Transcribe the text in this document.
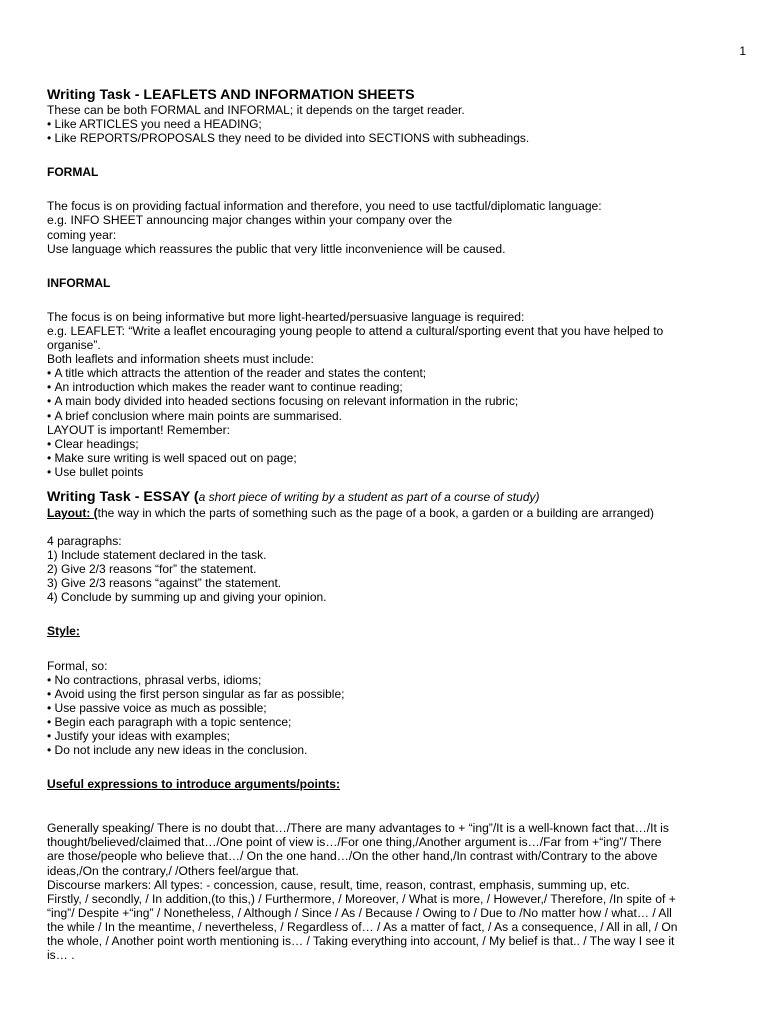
1
Writing Task - LEAFLETS AND INFORMATION SHEETS

These can be both FORMAL and INFORMAL; it depends on the target reader.

• Like ARTICLES you need a HEADING;
• Like REPORTS/PROPOSALS they need to be divided into SECTIONS with subheadings.

FORMAL

The focus is on providing factual information and therefore, you need to use tactful/diplomatic language:

e.g. INFO SHEET announcing major changes within your company over the

coming year:

Use language which reassures the public that very little inconvenience will be caused.

INFORMAL

The focus is on being informative but more light-hearted/persuasive language is required:

e.g. LEAFLET: “Write a leaflet encouraging young people to attend a cultural/sporting event that you have helped to

organise”.

Both leaflets and information sheets must include:

• A title which attracts the attention of the reader and states the content;
• An introduction which makes the reader want to continue reading;
• A main body divided into headed sections focusing on relevant information in the rubric;
• A brief conclusion where main points are summarised.

LAYOUT is important! Remember:

• Clear headings;
• Make sure writing is well spaced out on page;
• Use bullet points
Writing Task - ESSAY (a short piece of writing by a student as part of a course of study)
Layout: (the way in which the parts of something such as the page of a book, a garden or a building are arranged)

4 paragraphs:

1) Include statement declared in the task.
2) Give 2/3 reasons “for” the statement.
3) Give 2/3 reasons “against” the statement.
4) Conclude by summing up and giving your opinion.

Style:

Formal, so:

• No contractions, phrasal verbs, idioms;
• Avoid using the first person singular as far as possible;
• Use passive voice as much as possible;
• Begin each paragraph with a topic sentence;
• Justify your ideas with examples;
• Do not include any new ideas in the conclusion.

Useful expressions to introduce arguments/points:

Generally speaking/ There is no doubt that…/There are many advantages to + “ing”/It is a well-known fact that…/It is

thought/believed/claimed that…/One point of view is…/For one thing,/Another argument is…/Far from +“ing”/ There

are those/people who believe that…/ On the one hand…/On the other hand,/In contrast with/Contrary to the above

ideas,/On the contrary,/ /Others feel/argue that.

Discourse markers: All types: - concession, cause, result, time, reason, contrast, emphasis, summing up, etc.

Firstly, / secondly, / In addition,(to this,) / Furthermore, / Moreover, / What is more, / However,/ Therefore, /In spite of +

“ing”/ Despite +“ing” / Nonetheless, / Although / Since / As / Because / Owing to / Due to /No matter how / what… / All

the while / In the meantime, / nevertheless, / Regardless of… / As a matter of fact, / As a consequence, / All in all, / On

the whole, / Another point worth mentioning is… / Taking everything into account, / My belief is that.. / The way I see it

is… .
